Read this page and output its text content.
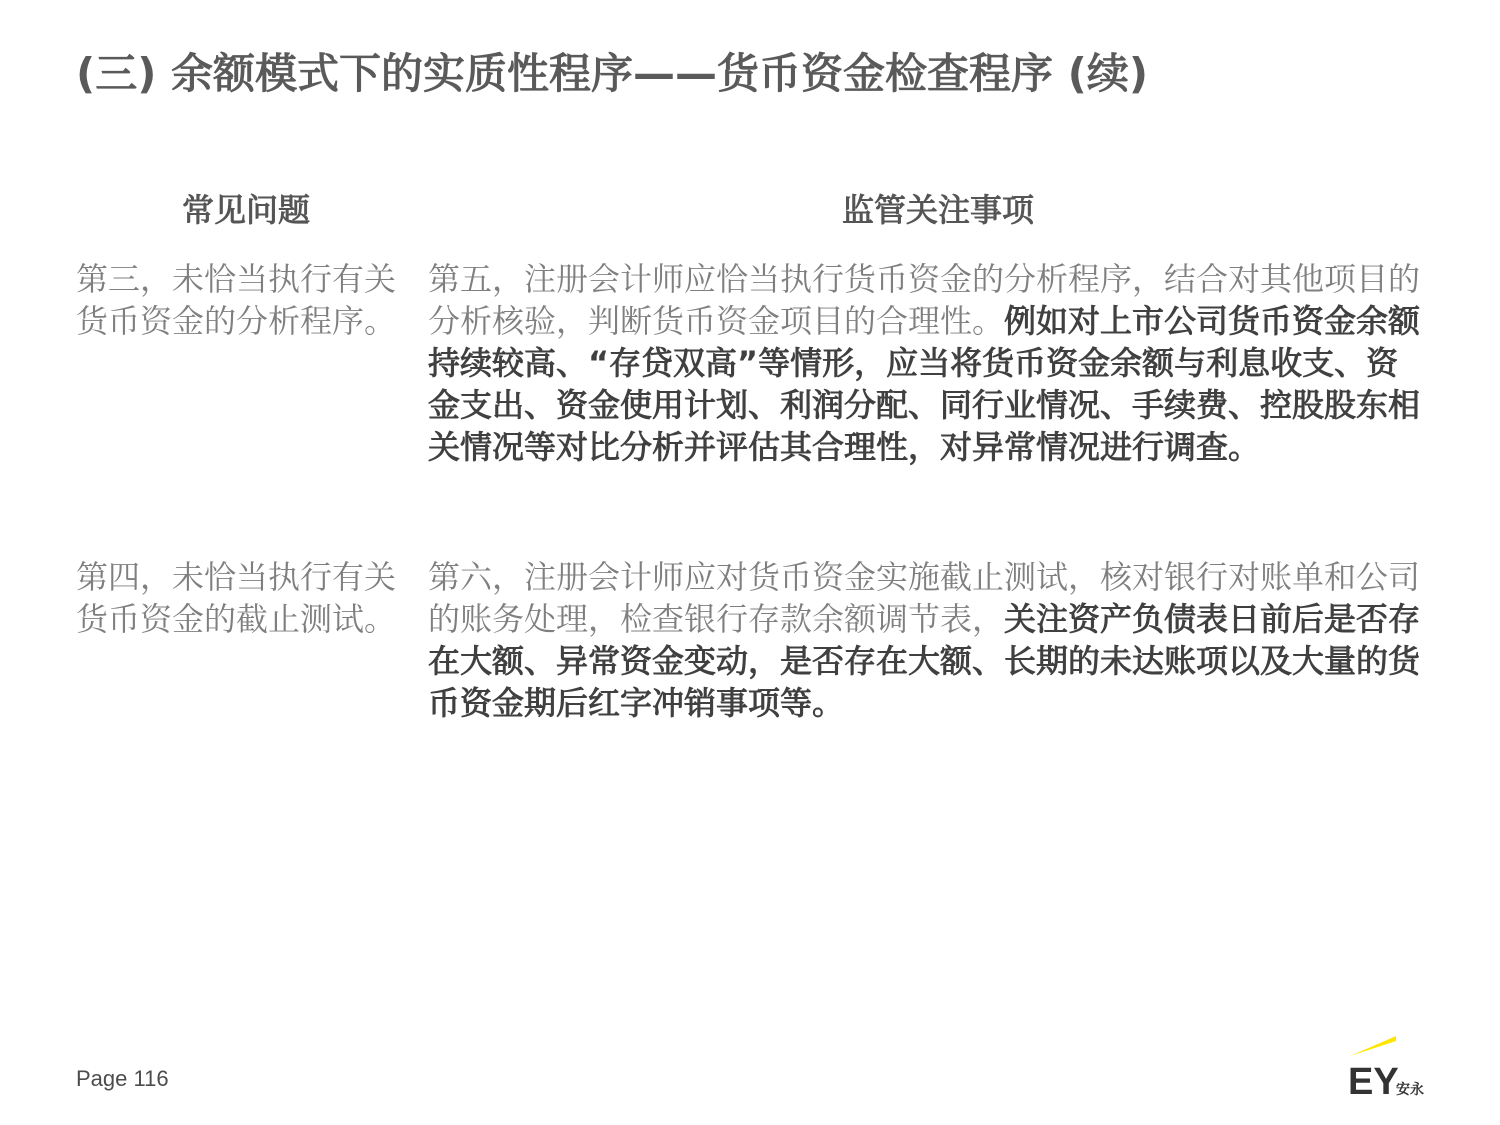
(三) 余额模式下的实质性程序——货币资金检查程序 (续)
常见问题	监管关注事项
第三，未恰当执行有关货币资金的分析程序。
第五，注册会计师应恰当执行货币资金的分析程序，结合对其他项目的分析核验，判断货币资金项目的合理性。例如对上市公司货币资金余额持续较高、“存贷双高”等情形，应当将货币资金余额与利息收支、资金支出、资金使用计划、利润分配、同行业情况、手续费、控股股东相关情况等对比分析并评估其合理性，对异常情况进行调查。
第四，未恰当执行有关货币资金的截止测试。
第六，注册会计师应对货币资金实施截止测试，核对银行对账单和公司的账务处理，检查银行存款余额调节表，关注资产负债表日前后是否存在大额、异常资金变动，是否存在大额、长期的未达账项以及大量的货币资金期后红字冲销事项等。
Page 116	EY
安永
